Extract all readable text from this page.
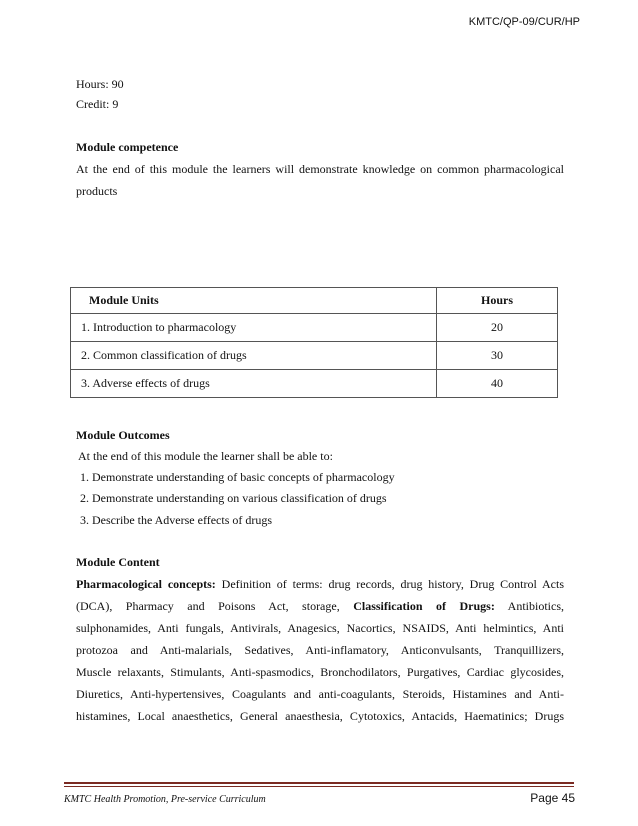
KMTC/QP-09/CUR/HP
Hours: 90
Credit: 9
Module competence
At the end of this module the learners will demonstrate knowledge on common pharmacological
products
Module Units	Hours
1. Introduction to pharmacology	20
2. Common classification of drugs	30
3. Adverse effects of drugs	40
Module Outcomes
At the end of this module the learner shall be able to:
1. Demonstrate understanding of basic concepts of pharmacology
2. Demonstrate understanding on various classification of drugs
3. Describe the Adverse effects of drugs
Module Content
Pharmacological concepts: Definition of terms: drug records, drug history, Drug Control Acts
(DCA), Pharmacy and Poisons Act, storage, Classification of Drugs: Antibiotics,
sulphonamides, Anti fungals, Antivirals, Anagesics, Nacortics, NSAIDS, Anti helmintics, Anti
protozoa and Anti-malarials, Sedatives, Anti-inflamatory, Anticonvulsants, Tranquillizers,
Muscle relaxants, Stimulants, Anti-spasmodics, Bronchodilators, Purgatives, Cardiac glycosides,
Diuretics, Anti-hypertensives, Coagulants and anti-coagulants, Steroids, Histamines and Anti-
histamines, Local anaesthetics, General anaesthesia, Cytotoxics, Antacids, Haematinics; Drugs
KMTC Health Promotion, Pre-service Curriculum	Page 45
